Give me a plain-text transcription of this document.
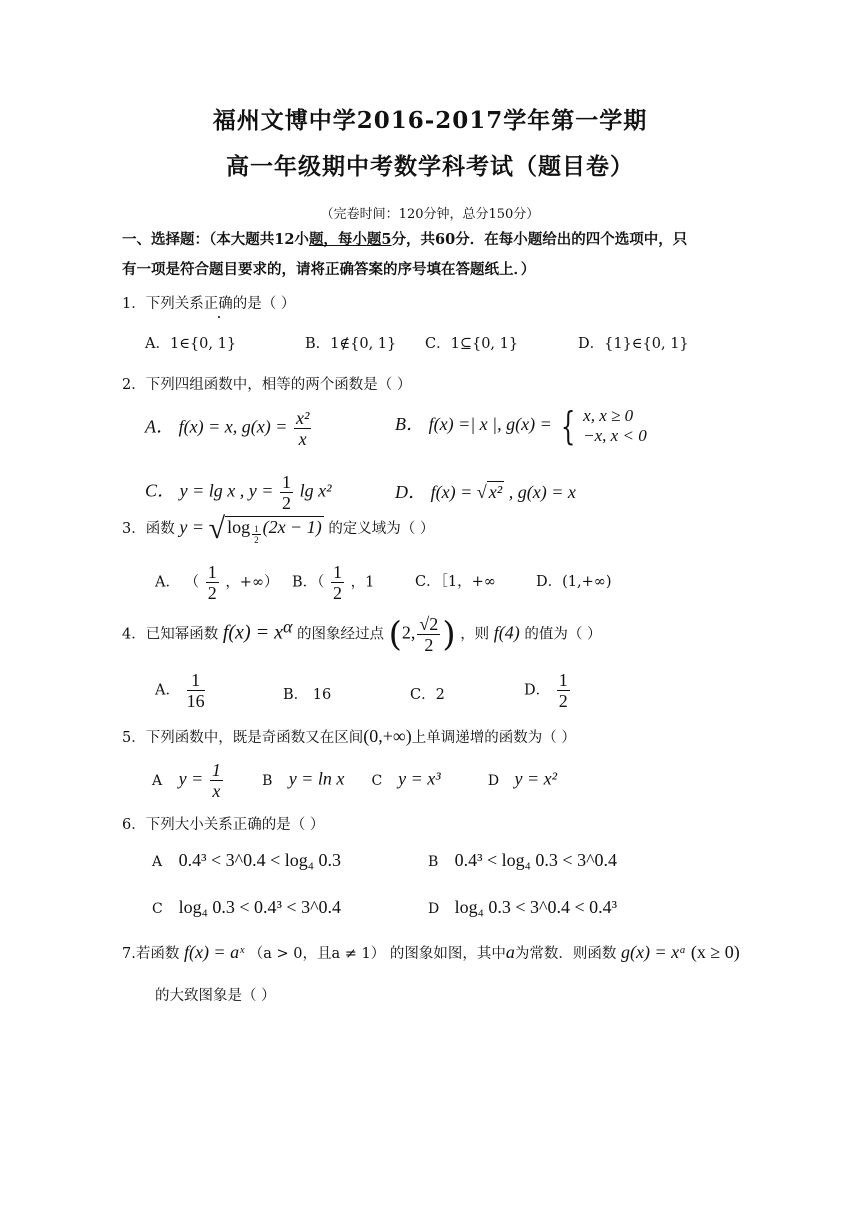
福州文博中学2016-2017学年第一学期
高一年级期中考数学科考试（题目卷）
（完卷时间：120分钟，总分150分）
一、选择题：（本大题共12小题，每小题5分，共60分．在每小题给出的四个选项中，只
有一项是符合题目要求的，请将正确答案的序号填在答题纸上．）
1．下列关系正确的是（ ）
A．1∈{0, 1}	B．1∉{0, 1} C．1⊆{0, 1}	D．{1}∈{0, 1}
2．下列四组函数中，相等的两个函数是（ ）
A． f(x) = x, $g(x) = \frac{\text{x²}}{x}$	B． f(x) =| x |, g(x) = { x, x ≥ 0
−x, x < 0
C． y = lg x , $y = \frac{1}{2}$ lg x²	D． f(x) = √ x² , g(x) = x
3．函数 y = √ $\log \frac{1}{2} (2x - 1)$ 的定义域为（ ）
A． （ $\frac{1}{2}$ ，+∞） B．（ $\frac{1}{2}$ ，1	C．［1，+∞	D．(1,+∞)
4．已知幂函数 $f(x) = x^\alpha$ 的图象经过点 (2, $\frac{√2}{2}$ ) ，则 f(4) 的值为（ ）
A． $\frac{1}{16}$	B． 16	C．2	D． $\frac{1}{2}$
5．下列函数中，既是奇函数又在区间(0,+∞)上单调递增的函数为（ ）
A $y = \frac{1}{x}$	B y = ln x C y = x³	D y = x²
6．下列大小关系正确的是（ ）
A 0.4³ < 3^0.4 < log₄ 0.3	B 0.4³ < log₄ 0.3 < 3^0.4
C log₄ 0.3 < 0.4³ < 3^0.4	D log₄ 0.3 < 3^0.4 < 0.4³
7.若函数 f(x) = aˣ （a > 0，且a ≠ 1） 的图象如图，其中a为常数．则函数 g(x) = xᵃ (x ≥ 0)
的大致图象是（ ）
